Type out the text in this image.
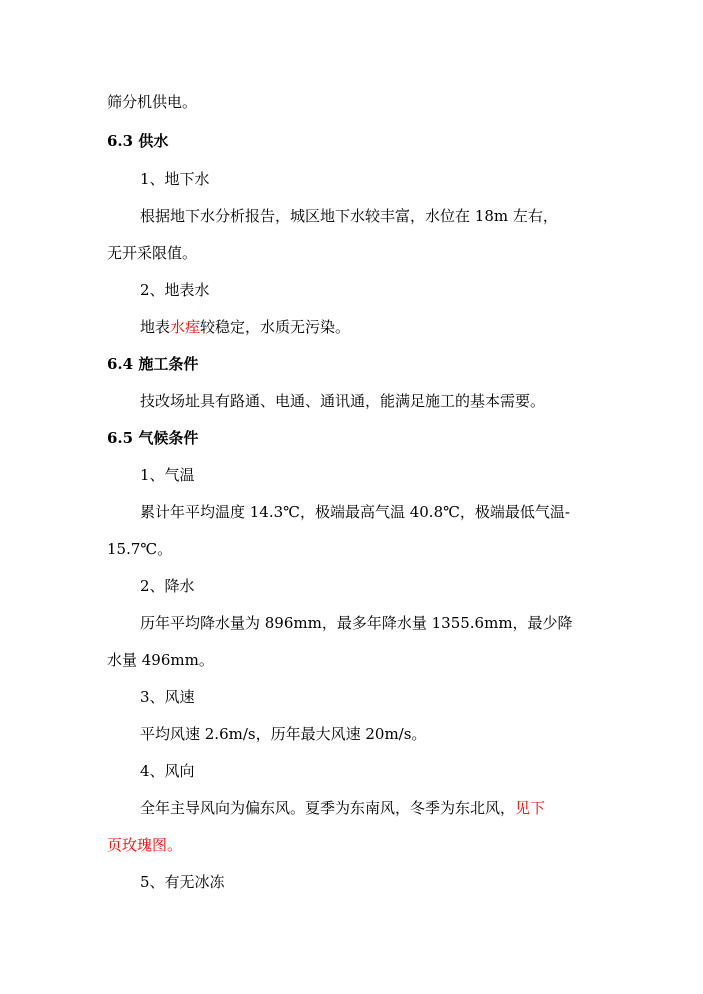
筛分机供电。
6.3 供水
1、地下水
根据地下水分析报告，城区地下水较丰富，水位在 18m 左右，
无开采限值。
2、地表水
地表水痓较稳定，水质无污染。
6.4 施工条件
技改场址具有路通、电通、通讯通，能满足施工的基本需要。
6.5 气候条件
1、气温
累计年平均温度 14.3℃，极端最高气温 40.8℃，极端最低气温-
15.7℃。
2、降水
历年平均降水量为 896mm，最多年降水量 1355.6mm，最少降
水量 496mm。
3、风速
平均风速 2.6m/s，历年最大风速 20m/s。
4、风向
全年主导风向为偏东风。夏季为东南风，冬季为东北风，见下
页玫瑰图。
5、有无冰冻
